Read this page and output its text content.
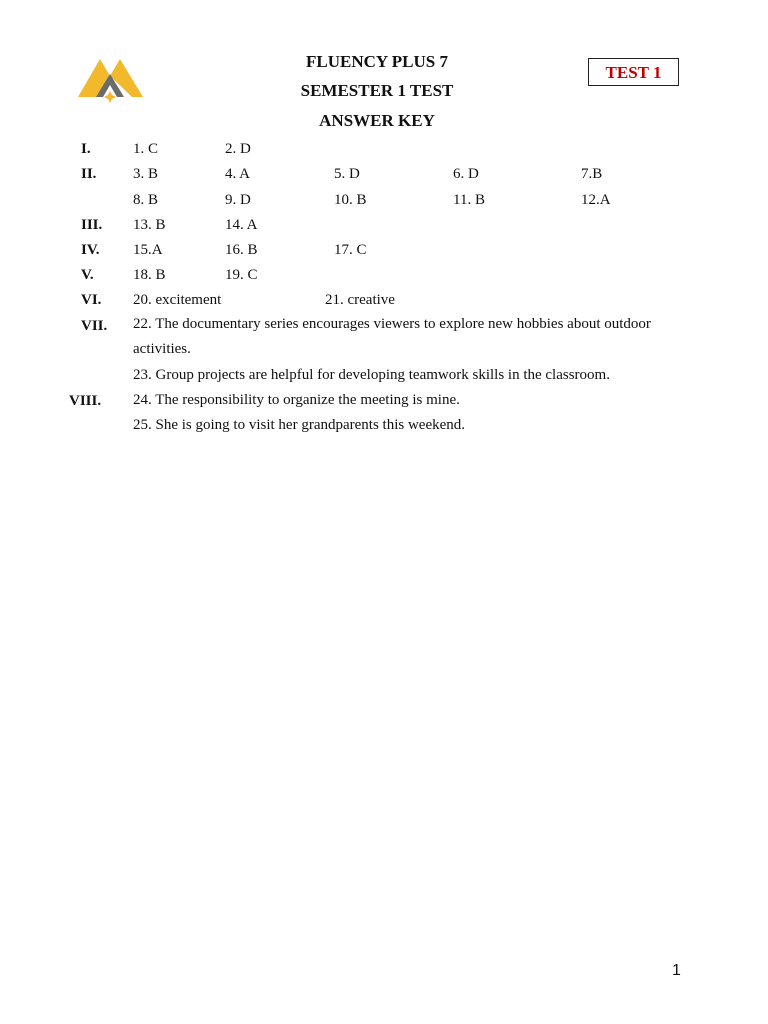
FLUENCY PLUS 7
SEMESTER 1 TEST
ANSWER KEY
TEST 1
I.	1. C	2. D
II. 3. B	4. A	5. D	6. D	7.B
8. B	9. D	10. B	11. B	12.A
III. 13. B	14. A
IV. 15.A	16. B	17. C
V.	18. B	19. C
VI. 20. excitement	21. creative
VII. 22. The documentary series encourages viewers to explore new hobbies about outdoor activities.
23. Group projects are helpful for developing teamwork skills in the classroom.
VIII. 24. The responsibility to organize the meeting is mine.
25. She is going to visit her grandparents this weekend.
1
